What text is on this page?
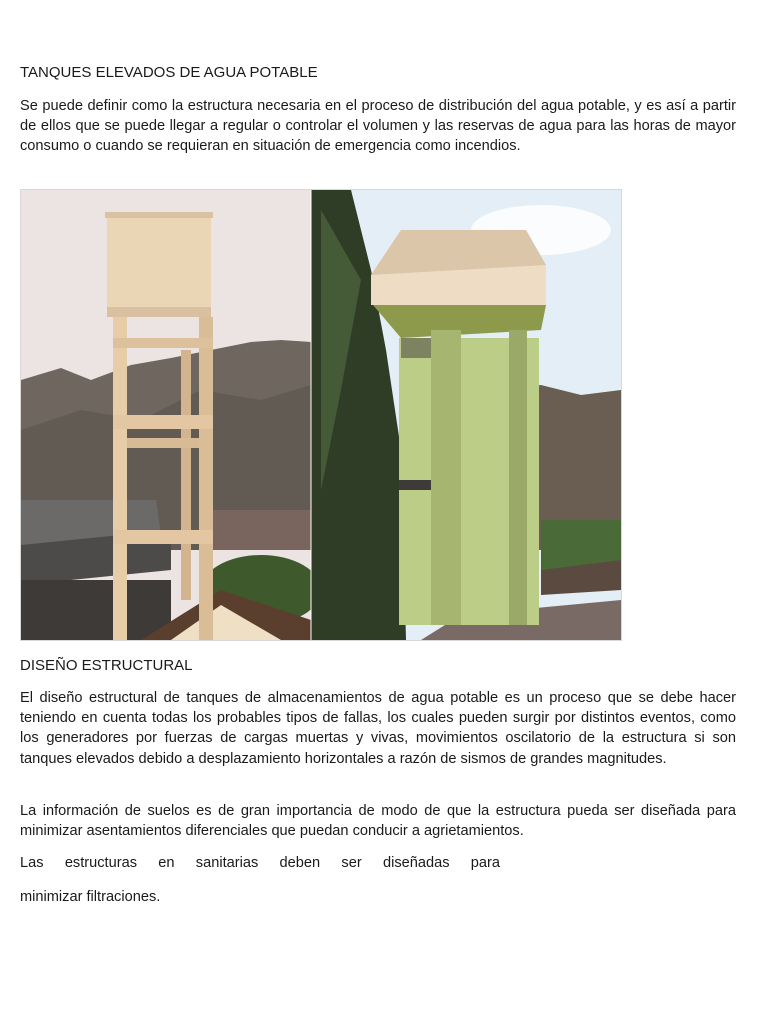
TANQUES ELEVADOS DE AGUA POTABLE
Se puede definir como la estructura necesaria en el proceso de distribución del agua potable, y es así a partir de ellos que se puede llegar a regular o controlar el volumen y las reservas de agua para las horas de mayor consumo o cuando se requieran en situación de emergencia como incendios.
DISEÑO ESTRUCTURAL
El diseño estructural de tanques de almacenamientos de agua potable es un proceso que se debe hacer teniendo en cuenta todas los probables tipos de fallas, los cuales pueden surgir por distintos eventos, como los generadores por fuerzas de cargas muertas y vivas, movimientos oscilatorio de la estructura si son tanques elevados debido a desplazamiento horizontales a razón de sismos de grandes magnitudes.
La información de suelos es de gran importancia de modo de que la estructura pueda ser diseñada para minimizar asentamientos diferenciales que puedan conducir a agrietamientos.
Las estructuras en sanitarias deben ser diseñadas para
minimizar filtraciones.
